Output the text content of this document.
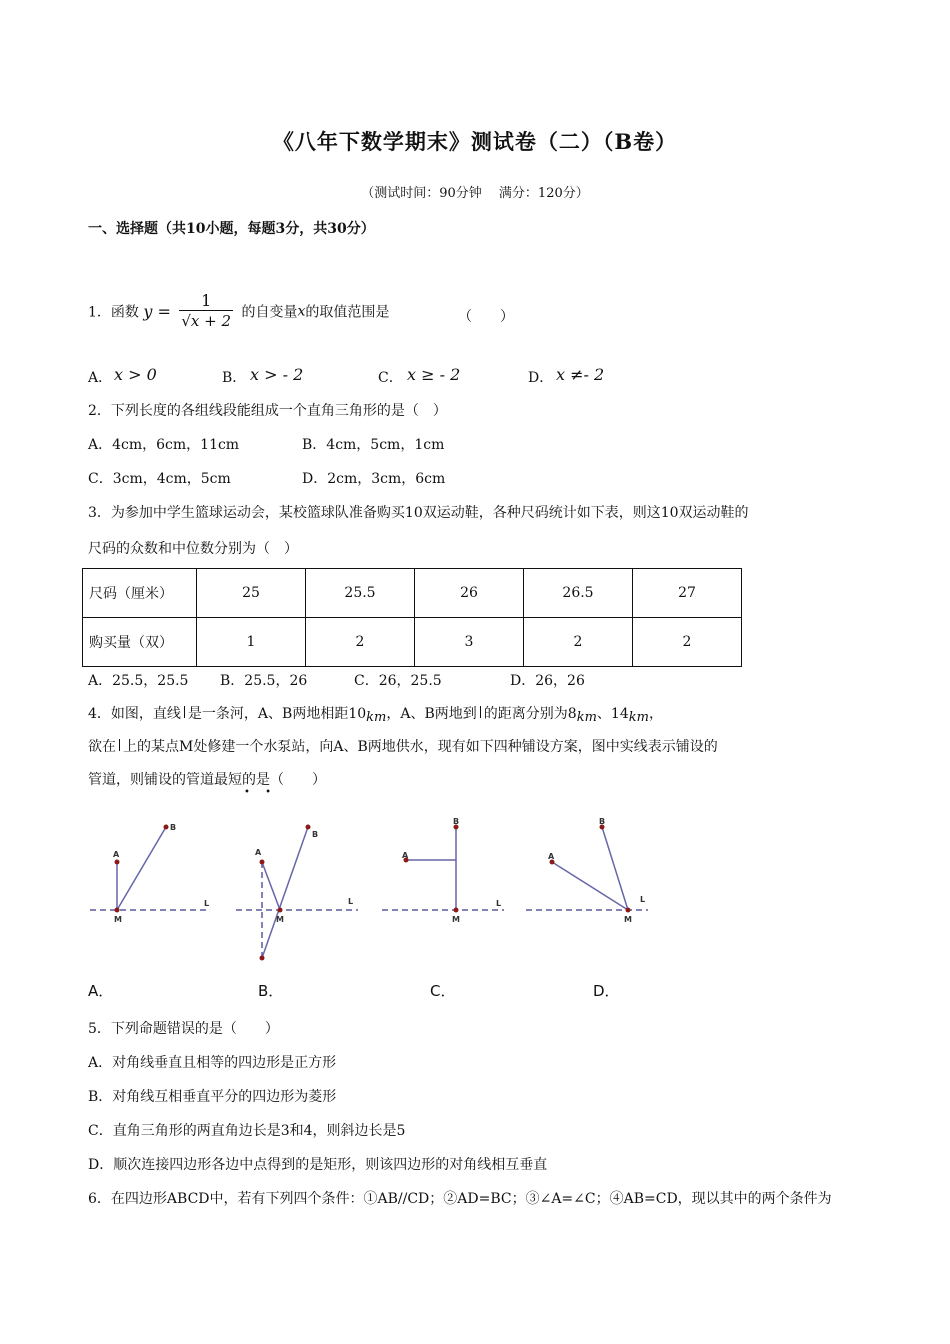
《八年下数学期末》测试卷（二）（B卷）
（测试时间：90分钟　 满分：120分）
一、选择题（共10小题，每题3分，共30分）
1．函数 $y = \frac{1}{√x + 2}$ 的自变量x的取值范围是	（　　）
A． x > 0	B． x > - 2	C． x ≥ - 2	D． x ≠- 2
2．下列长度的各组线段能组成一个直角三角形的是（　）
A．4cm，6cm，11cm	B．4cm，5cm，1cm
C．3cm，4cm，5cm	D．2cm，3cm，6cm
3．为参加中学生篮球运动会，某校篮球队准备购买10双运动鞋，各种尺码统计如下表，则这10双运动鞋的
尺码的众数和中位数分别为（　）
尺码（厘米）	25	25.5	26	26.5	27
购买量（双）	1	2	3	2	2
A．25.5，25.5 B．25.5，26	C．26，25.5	D．26，26
4．如图，直线 是一条河，A、B两地相距10km，A、B两地到 的距离分别为8km、14km，
欲在 上的某点M处修建一个水泵站，向A、B两地供水，现有如下四种铺设方案，图中实线表示铺设的
管道，则铺设的管道最短的是（　　）
• •
A
B
M
L
A
B
M
L
A
B
M
L
A
B
M
L
A．	B．	C．	D．
5．下列命题错误的是（　　）
A．对角线垂直且相等的四边形是正方形
B．对角线互相垂直平分的四边形为菱形
C．直角三角形的两直角边长是3和4，则斜边长是5
D．顺次连接四边形各边中点得到的是矩形，则该四边形的对角线相互垂直
6．在四边形ABCD中，若有下列四个条件：①AB//CD；②AD=BC；③∠A=∠C；④AB=CD，现以其中的两个条件为
